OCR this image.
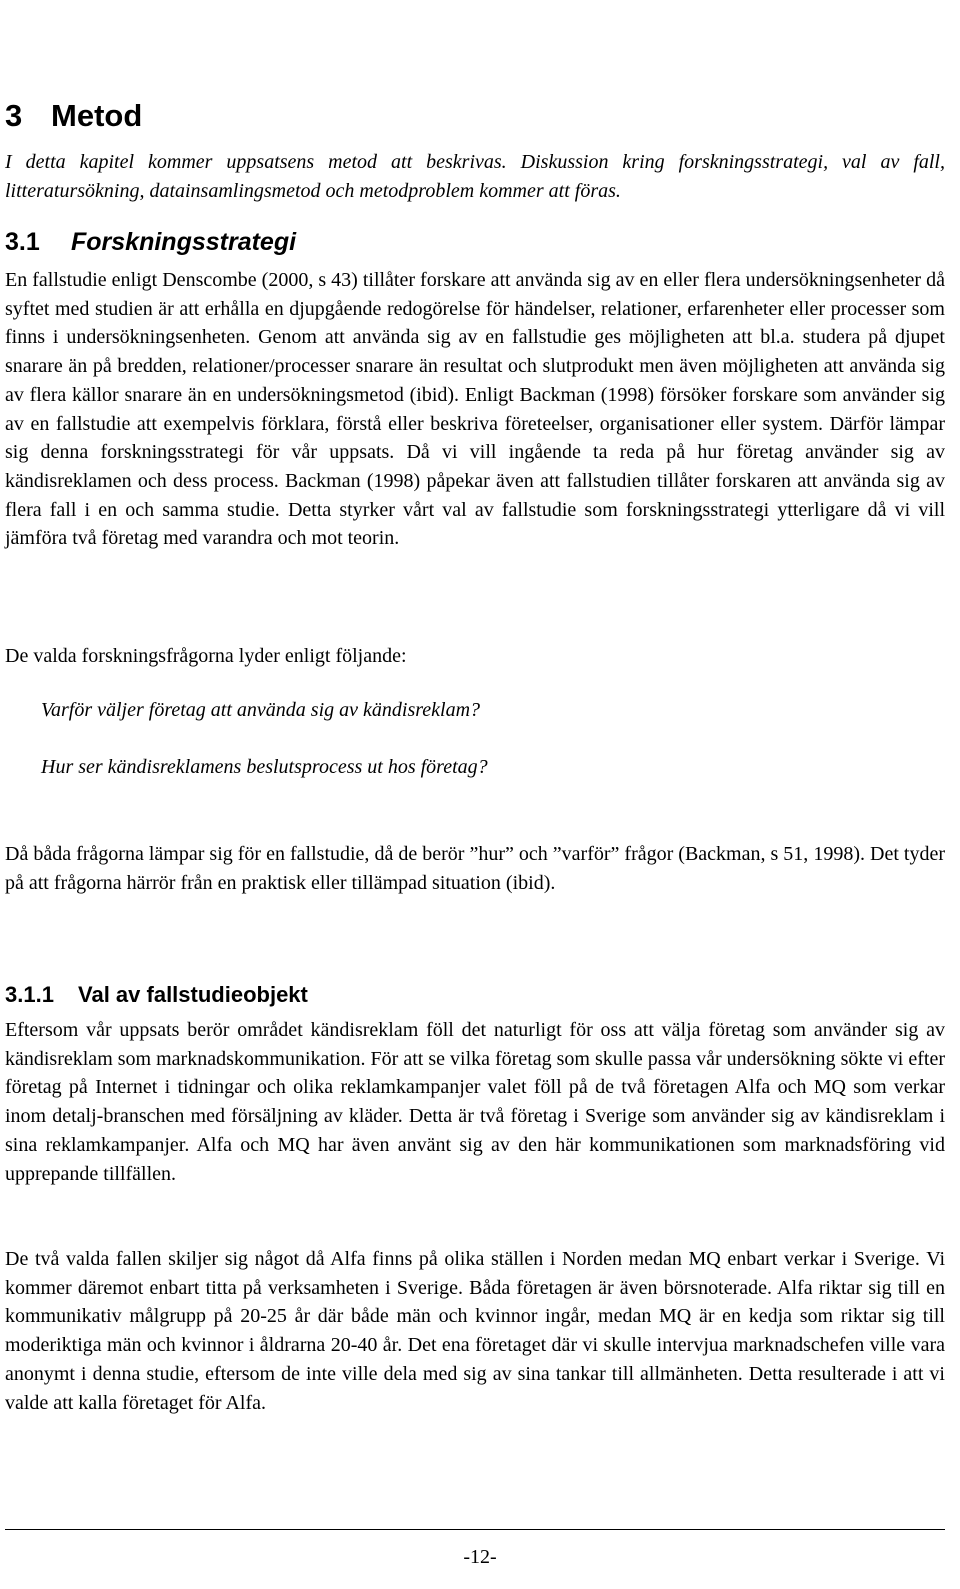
3 Metod

I detta kapitel kommer uppsatsens metod att beskrivas. Diskussion kring forskningsstrategi, val av fall, litteratursökning, datainsamlingsmetod och metodproblem kommer att föras.

3.1 Forskningsstrategi

En fallstudie enligt Denscombe (2000, s 43) tillåter forskare att använda sig av en eller flera undersökningsenheter då syftet med studien är att erhålla en djupgående redogörelse för händelser, relationer, erfarenheter eller processer som finns i undersökningsenheten. Genom att använda sig av en fallstudie ges möjligheten att bl.a. studera på djupet snarare än på bredden, relationer/processer snarare än resultat och slutprodukt men även möjligheten att använda sig av flera källor snarare än en undersökningsmetod (ibid). Enligt Backman (1998) försöker forskare som använder sig av en fallstudie att exempelvis förklara, förstå eller beskriva företeelser, organisationer eller system. Därför lämpar sig denna forskningsstrategi för vår uppsats. Då vi vill ingående ta reda på hur företag använder sig av kändisreklamen och dess process. Backman (1998) påpekar även att fallstudien tillåter forskaren att använda sig av flera fall i en och samma studie. Detta styrker vårt val av fallstudie som forskningsstrategi ytterligare då vi vill jämföra två företag med varandra och mot teorin.

De valda forskningsfrågorna lyder enligt följande:

Varför väljer företag att använda sig av kändisreklam?

Hur ser kändisreklamens beslutsprocess ut hos företag?

Då båda frågorna lämpar sig för en fallstudie, då de berör ”hur” och ”varför” frågor (Backman, s 51, 1998). Det tyder på att frågorna härrör från en praktisk eller tillämpad situation (ibid).

3.1.1 Val av fallstudieobjekt

Eftersom vår uppsats berör området kändisreklam föll det naturligt för oss att välja företag som använder sig av kändisreklam som marknadskommunikation. För att se vilka företag som skulle passa vår undersökning sökte vi efter företag på Internet i tidningar och olika reklamkampanjer valet föll på de två företagen Alfa och MQ som verkar inom detalj-branschen med försäljning av kläder. Detta är två företag i Sverige som använder sig av kändisreklam i sina reklamkampanjer. Alfa och MQ har även använt sig av den här kommunikationen som marknadsföring vid upprepande tillfällen.

De två valda fallen skiljer sig något då Alfa finns på olika ställen i Norden medan MQ enbart verkar i Sverige. Vi kommer däremot enbart titta på verksamheten i Sverige. Båda företagen är även börsnoterade. Alfa riktar sig till en kommunikativ målgrupp på 20-25 år där både män och kvinnor ingår, medan MQ är en kedja som riktar sig till moderiktiga män och kvinnor i åldrarna 20-40 år. Det ena företaget där vi skulle intervjua marknadschefen ville vara anonymt i denna studie, eftersom de inte ville dela med sig av sina tankar till allmänheten. Detta resulterade i att vi valde att kalla företaget för Alfa.

-12-
